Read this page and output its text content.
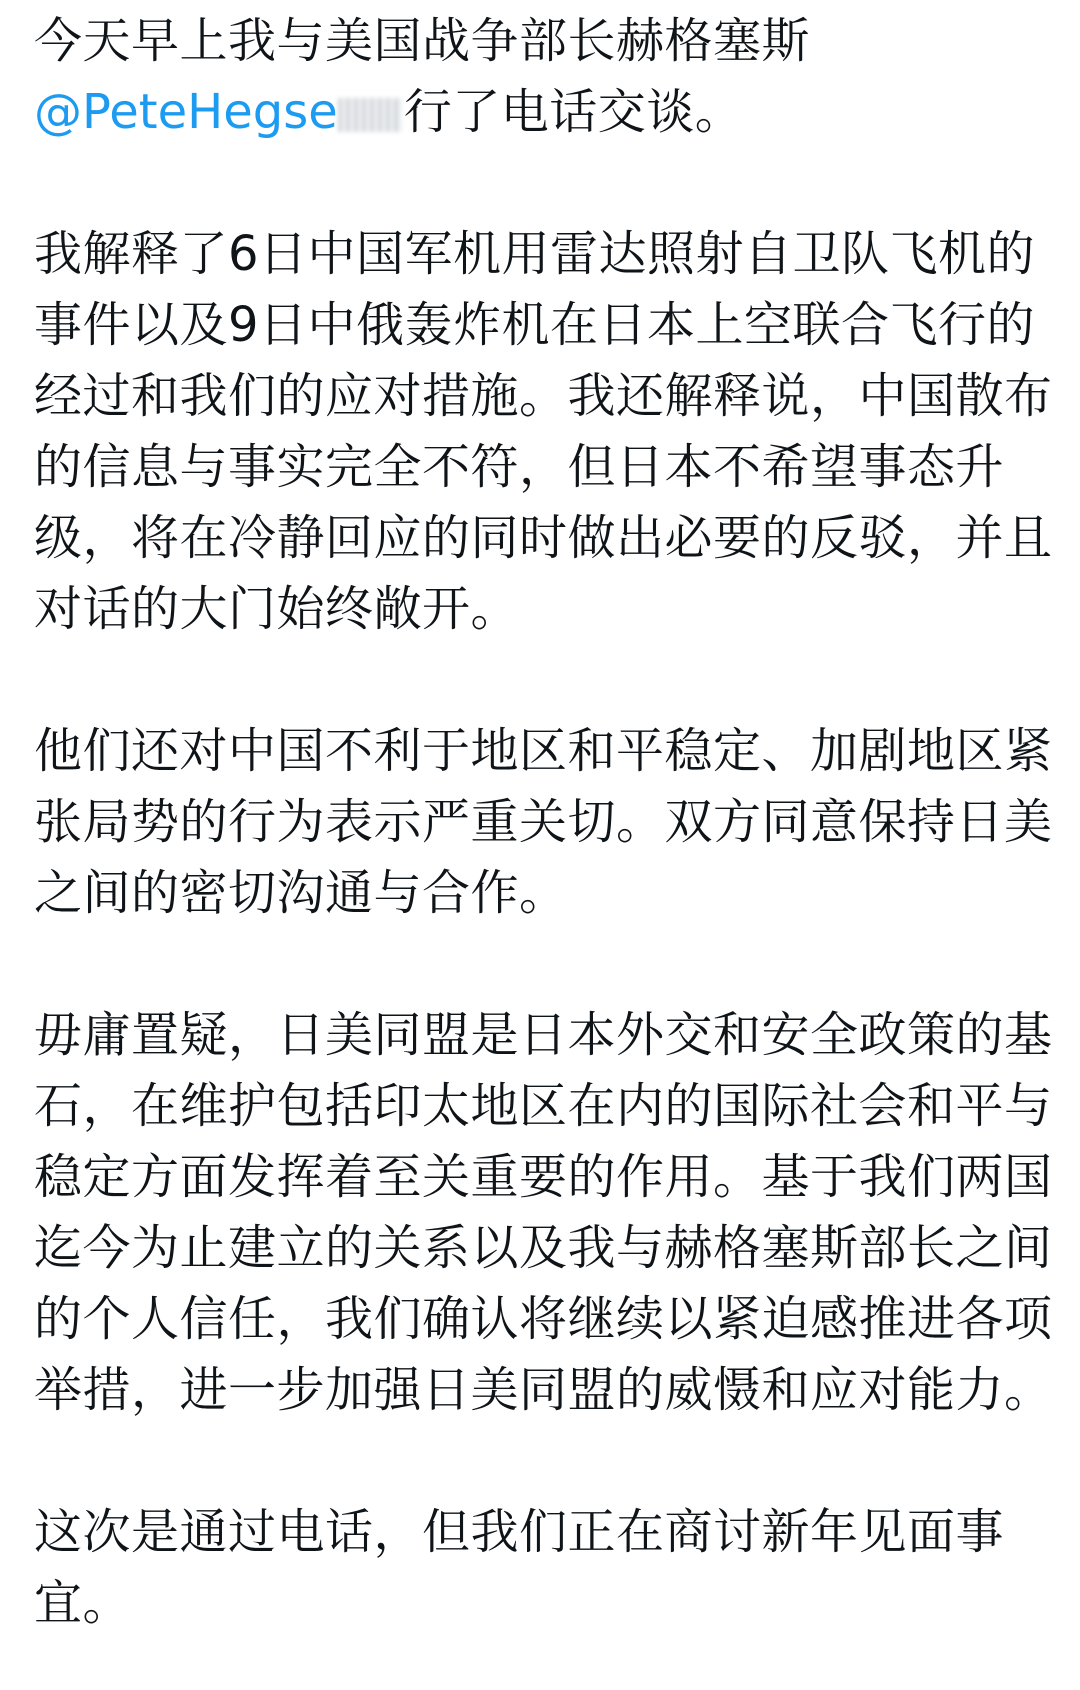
今天早上我与美国战争部长赫格塞斯
@PeteHegse 行了电话交谈。
我解释了6日中国军机用雷达照射自卫队飞机的事件以及9日中俄轰炸机在日本上空联合飞行的经过和我们的应对措施。我还解释说，中国散布的信息与事实完全不符，但日本不希望事态升级，将在冷静回应的同时做出必要的反驳，并且对话的大门始终敞开。
他们还对中国不利于地区和平稳定、加剧地区紧张局势的行为表示严重关切。双方同意保持日美之间的密切沟通与合作。
毋庸置疑，日美同盟是日本外交和安全政策的基石，在维护包括印太地区在内的国际社会和平与稳定方面发挥着至关重要的作用。基于我们两国迄今为止建立的关系以及我与赫格塞斯部长之间的个人信任，我们确认将继续以紧迫感推进各项举措，进一步加强日美同盟的威慑和应对能力。
这次是通过电话，但我们正在商讨新年见面事宜。
